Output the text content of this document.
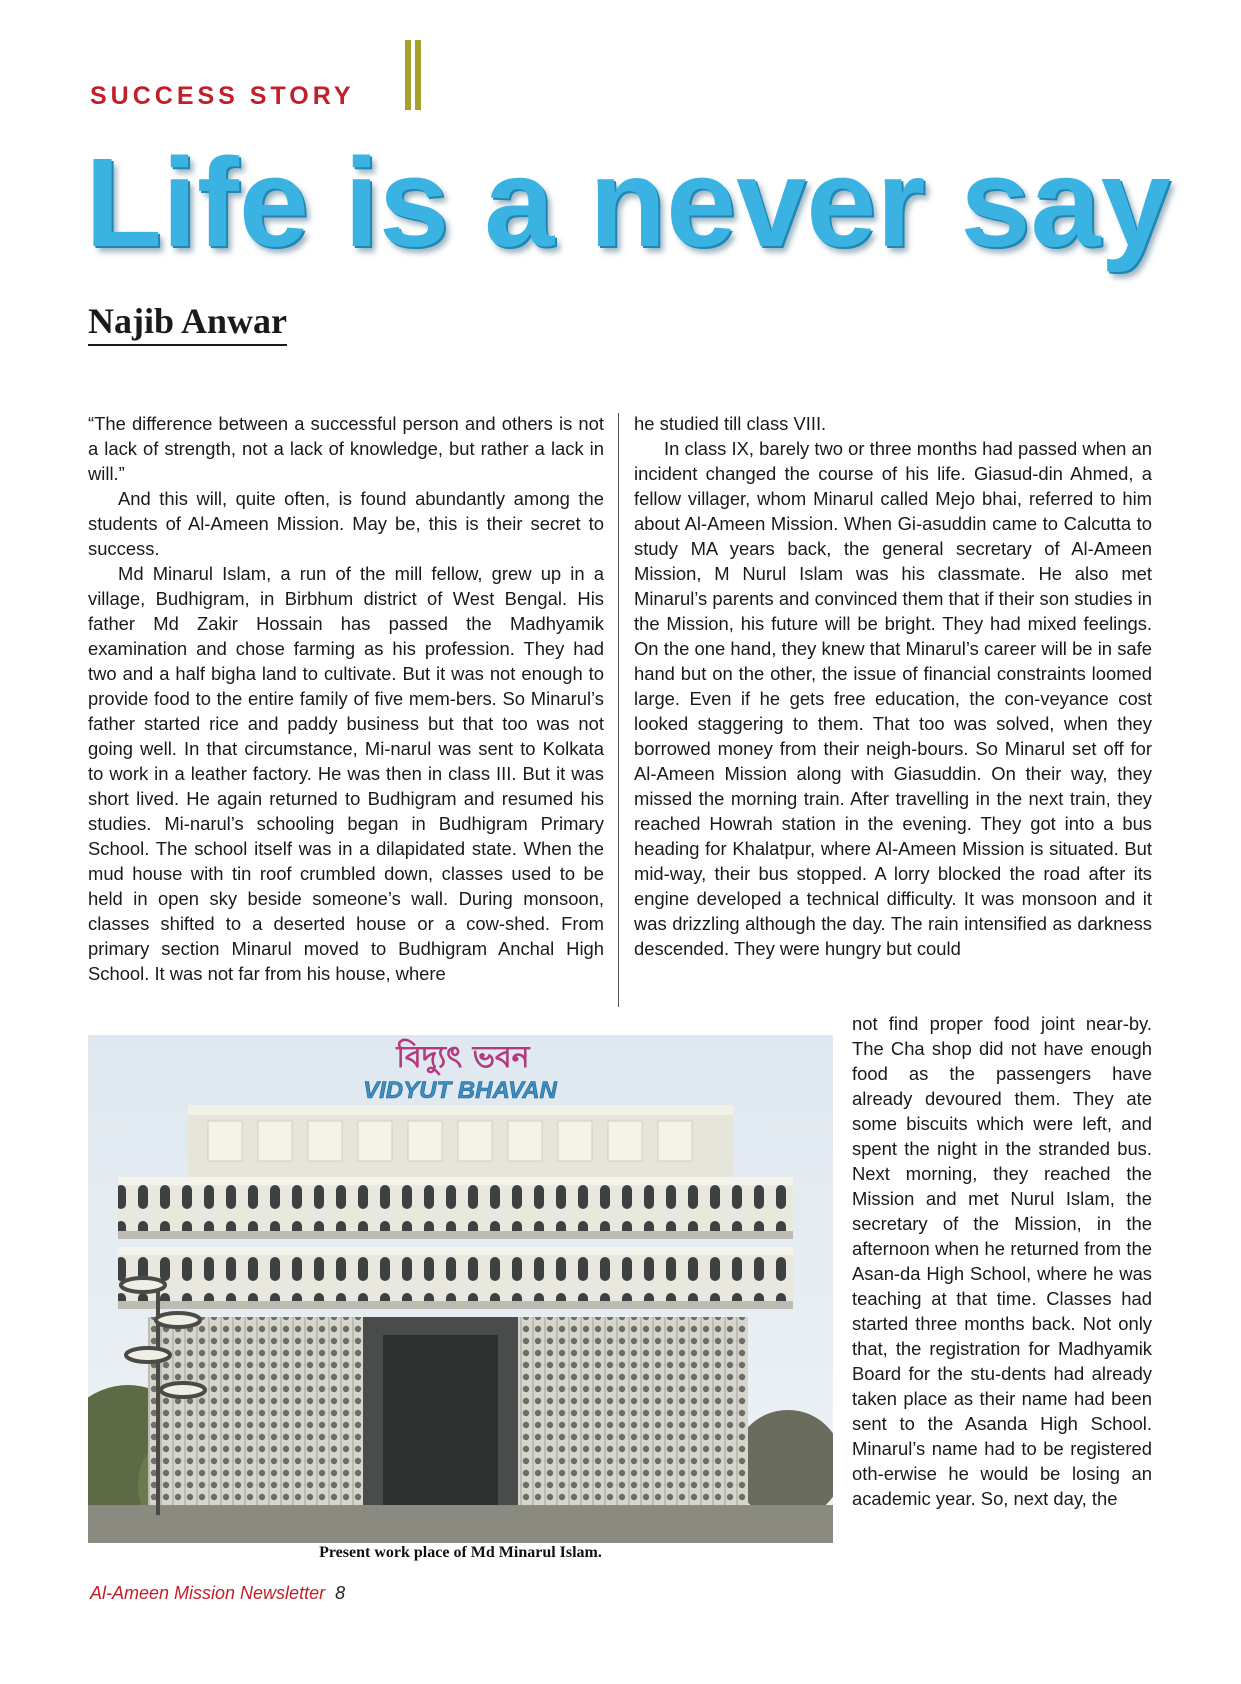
SUCCESS STORY
Life is a never say
Najib Anwar

“The difference between a successful person and others is not a lack of strength, not a lack of knowledge, but rather a lack in will.”

And this will, quite often, is found abundantly among the students of Al-Ameen Mission. May be, this is their secret to success.

Md Minarul Islam, a run of the mill fellow, grew up in a village, Budhigram, in Birbhum district of West Bengal. His father Md Zakir Hossain has passed the Madhyamik examination and chose farming as his profession. They had two and a half bigha land to cultivate. But it was not enough to provide food to the entire family of five mem-bers. So Minarul’s father started rice and paddy business but that too was not going well. In that circumstance, Mi-narul was sent to Kolkata to work in a leather factory. He was then in class III. But it was short lived. He again returned to Budhigram and resumed his studies. Mi-narul’s schooling began in Budhigram Primary School. The school itself was in a dilapidated state. When the mud house with tin roof crumbled down, classes used to be held in open sky beside someone’s wall. During monsoon, classes shifted to a deserted house or a cow-shed. From primary section Minarul moved to Budhigram Anchal High School. It was not far from his house, where

he studied till class VIII.

In class IX, barely two or three months had passed when an incident changed the course of his life. Giasud-din Ahmed, a fellow villager, whom Minarul called Mejo bhai, referred to him about Al-Ameen Mission. When Gi-asuddin came to Calcutta to study MA years back, the general secretary of Al-Ameen Mission, M Nurul Islam was his classmate. He also met Minarul’s parents and convinced them that if their son studies in the Mission, his future will be bright. They had mixed feelings. On the one hand, they knew that Minarul’s career will be in safe hand but on the other, the issue of financial constraints loomed large. Even if he gets free education, the con-veyance cost looked staggering to them. That too was solved, when they borrowed money from their neigh-bours. So Minarul set off for Al-Ameen Mission along with Giasuddin. On their way, they missed the morning train. After travelling in the next train, they reached Howrah station in the evening. They got into a bus heading for Khalatpur, where Al-Ameen Mission is situated. But mid-way, their bus stopped. A lorry blocked the road after its engine developed a technical difficulty. It was monsoon and it was drizzling although the day. The rain intensified as darkness descended. They were hungry but could

not find proper food joint near-by. The Cha shop did not have enough food as the passengers have already devoured them. They ate some biscuits which were left, and spent the night in the stranded bus. Next morning, they reached the Mission and met Nurul Islam, the secretary of the Mission, in the afternoon when he returned from the Asan-da High School, where he was teaching at that time. Classes had started three months back. Not only that, the registration for Madhyamik Board for the stu-dents had already taken place as their name had been sent to the Asanda High School. Minarul’s name had to be registered oth-erwise he would be losing an academic year. So, next day, the

বিদ্যুৎ ভবন
VIDYUT BHAVAN
Present work place of Md Minarul Islam.
Al-Ameen Mission Newsletter 8
